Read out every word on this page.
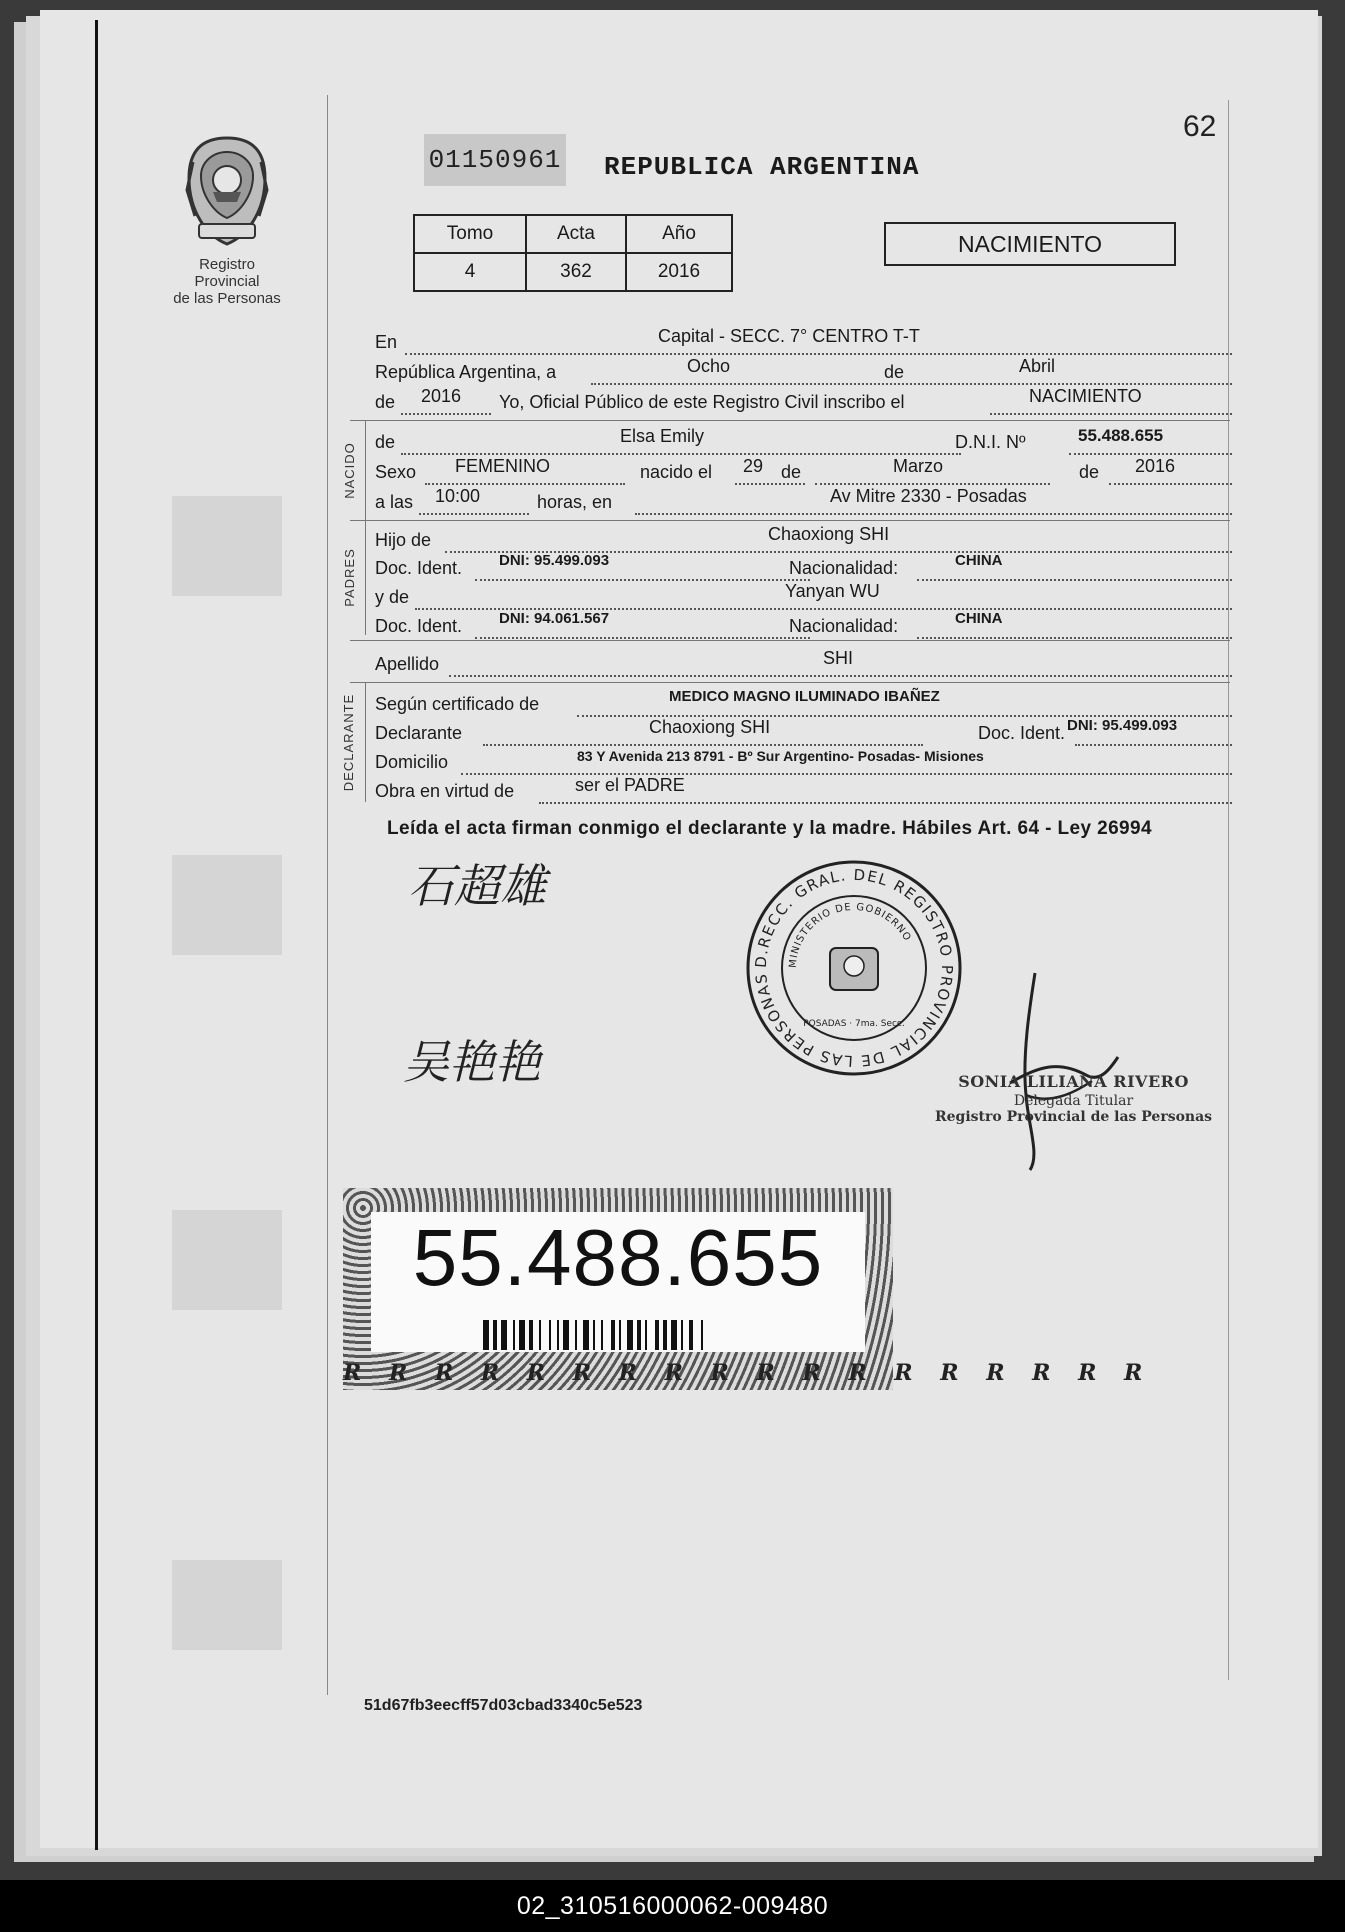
62
Registro Provincial
de las Personas
01150961 REPUBLICA ARGENTINA
Tomo	Acta	Año
4	362	2016
NACIMIENTO
En	Capital - SECC. 7° CENTRO T-T
República Argentina, a	Ocho	de	Abril
de 2016 Yo, Oficial Público de este Registro Civil inscribo el	NACIMIENTO
NACIDO de	Elsa Emily	D.N.I. Nº	55.488.655
Sexo FEMENINO	nacido el 29 de	Marzo	de 2016
a las 10:00	horas, en	Av Mitre 2330 - Posadas
PADRES
Hijo de	Chaoxiong SHI
Doc. Ident. DNI: 95.499.093	Nacionalidad:	CHINA
y de	Yanyan WU
Doc. Ident. DNI: 94.061.567	Nacionalidad:	CHINA
Apellido	SHI
DECLARANTE Según certificado de	MEDICO MAGNO ILUMINADO IBAÑEZ
Declarante	Chaoxiong SHI	Doc. Ident. DNI: 95.499.093
Domicilio	83 Y Avenida 213 8791 - Bº Sur Argentino- Posadas- Misiones
Obra en virtud de	ser el PADRE
Leída el acta firman conmigo el declarante y la madre. Hábiles Art. 64 - Ley 26994
石超雄
吴艳艳
D.RECC. GRAL. DEL REGISTRO PROVINCIAL DE LAS PERSONAS
MINISTERIO DE GOBIERNO
POSADAS · 7ma. Secc.
SONIA LILIANA RIVERO
Delegada Titular
Registro Provincial de las Personas
55.488.655
R R R R R R R R R R R R R R R R R R
51d67fb3eecff57d03cbad3340c5e523
02_310516000062-009480
